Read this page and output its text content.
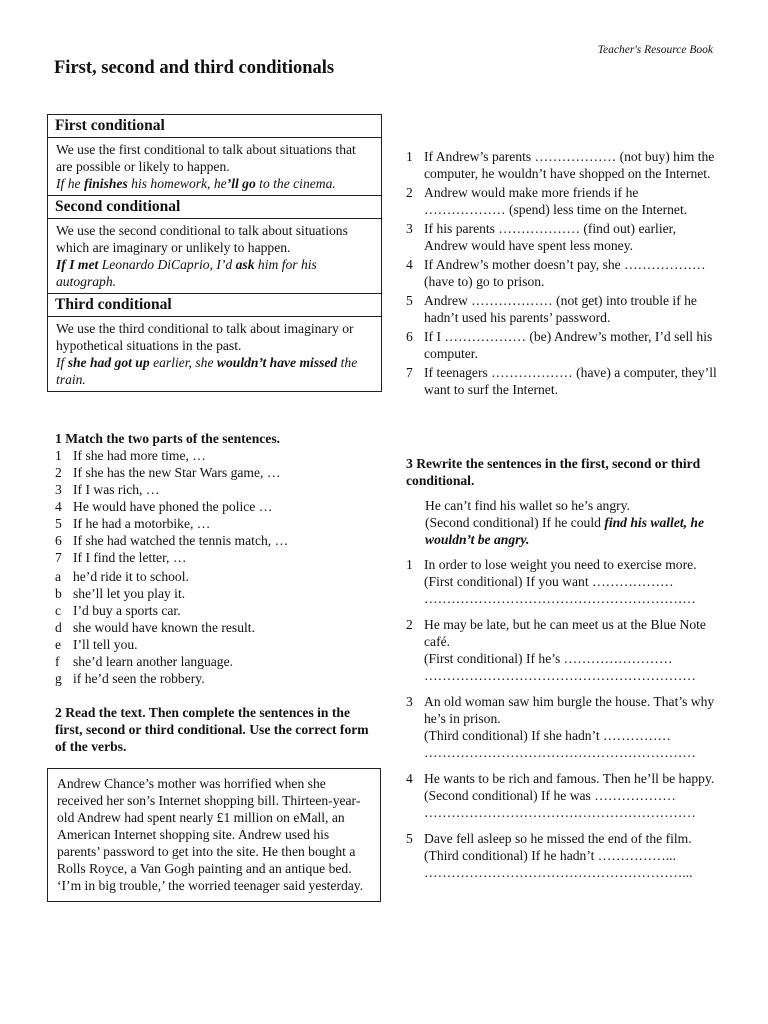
Teacher's Resource Book
First, second and third conditionals
First conditional
We use the first conditional to talk about situations that are possible or likely to happen.
If he finishes his homework, he’ll go to the cinema.
Second conditional
We use the second conditional to talk about situations which are imaginary or unlikely to happen.
If I met Leonardo DiCaprio, I’d ask him for his autograph.
Third conditional
We use the third conditional to talk about imaginary or hypothetical situations in the past.
If she had got up earlier, she wouldn’t have missed the train.
1 Match the two parts of the sentences.
1 If she had more time, …
2 If she has the new Star Wars game, …
3 If I was rich, …
4 He would have phoned the police …
5 If he had a motorbike, …
6 If she had watched the tennis match, …
7 If I find the letter, …
a he’d ride it to school.
b she’ll let you play it.
c I’d buy a sports car.
d she would have known the result.
e I’ll tell you.
f she’d learn another language.
g if he’d seen the robbery.
2 Read the text. Then complete the sentences in the first, second or third conditional. Use the correct form of the verbs.
Andrew Chance’s mother was horrified when she received her son’s Internet shopping bill. Thirteen-year-old Andrew had spent nearly £1 million on eMall, an American Internet shopping site. Andrew used his parents’ password to get into the site. He then bought a Rolls Royce, a Van Gogh painting and an antique bed. ‘I’m in big trouble,’ the worried teenager said yesterday.
1 If Andrew’s parents ……………… (not buy) him the computer, he wouldn’t have shopped on the Internet.
2 Andrew would make more friends if he ……………… (spend) less time on the Internet.
3 If his parents ……………… (find out) earlier, Andrew would have spent less money.
4 If Andrew’s mother doesn’t pay, she ……………… (have to) go to prison.
5 Andrew ……………… (not get) into trouble if he hadn’t used his parents’ password.
6 If I ……………… (be) Andrew’s mother, I’d sell his computer.
7 If teenagers ……………… (have) a computer, they’ll want to surf the Internet.
3 Rewrite the sentences in the first, second or third conditional.
He can’t find his wallet so he’s angry.
(Second conditional) If he could find his wallet, he wouldn’t be angry.
1 In order to lose weight you need to exercise more.
(First conditional) If you want ………………
……………………………………………………
2 He may be late, but he can meet us at the Blue Note café.
(First conditional) If he’s ……………………
……………………………………………………
3 An old woman saw him burgle the house. That’s why he’s in prison.
(Third conditional) If she hadn’t ……………
……………………………………………………
4 He wants to be rich and famous. Then he’ll be happy.
(Second conditional) If he was ………………
……………………………………………………
5 Dave fell asleep so he missed the end of the film.
(Third conditional) If he hadn’t ……………...
…………………………………………………...
